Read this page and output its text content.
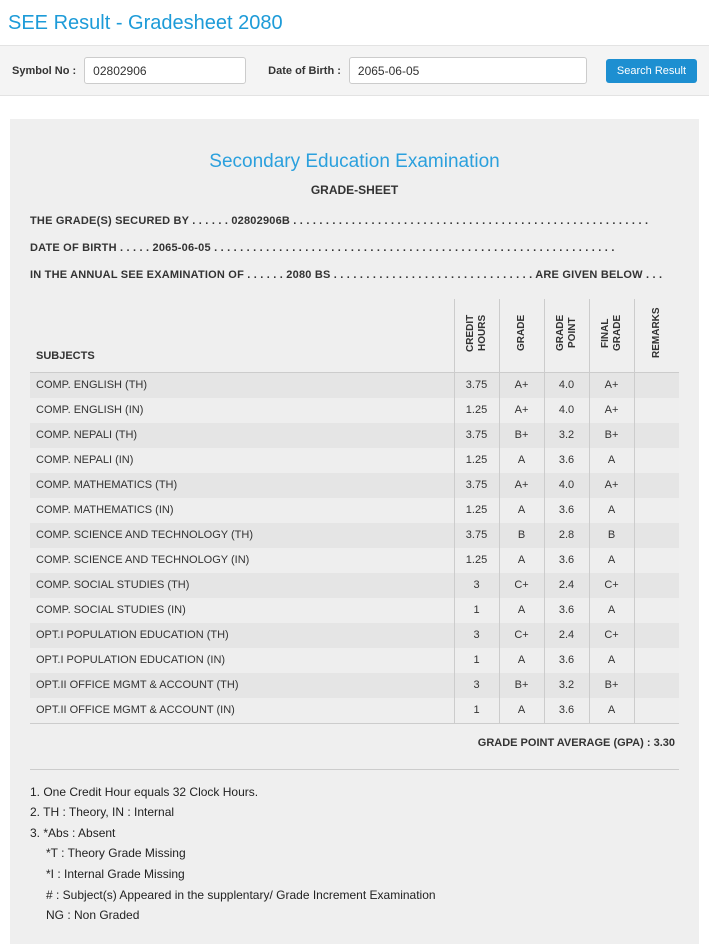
SEE Result - Gradesheet 2080
Symbol No :
02802906	Date of Birth :
2065-06-05	Search Result
Secondary Education Examination
GRADE-SHEET
THE GRADE(S) SECURED BY . . . . . . 02802906B . . . . . . . . . . . . . . . . . . . . . . . . . . . . . . . . . . . . . . . . . . . . . . . . . . . . . . .
DATE OF BIRTH . . . . . 2065-06-05 . . . . . . . . . . . . . . . . . . . . . . . . . . . . . . . . . . . . . . . . . . . . . . . . . . . . . . . . . . . . . .
IN THE ANNUAL SEE EXAMINATION OF . . . . . . 2080 BS . . . . . . . . . . . . . . . . . . . . . . . . . . . . . . . ARE GIVEN BELOW . . .
SUBJECTS	CREDIT HOURS	GRADE	GRADE POINT	FINAL GRADE	REMARKS
COMP. ENGLISH (TH)	3.75	A+	4.0	A+	
COMP. ENGLISH (IN)	1.25	A+	4.0	A+	
COMP. NEPALI (TH)	3.75	B+	3.2	B+	
COMP. NEPALI (IN)	1.25	A	3.6	A	
COMP. MATHEMATICS (TH)	3.75	A+	4.0	A+	
COMP. MATHEMATICS (IN)	1.25	A	3.6	A	
COMP. SCIENCE AND TECHNOLOGY (TH)	3.75	B	2.8	B	
COMP. SCIENCE AND TECHNOLOGY (IN)	1.25	A	3.6	A	
COMP. SOCIAL STUDIES (TH)	3	C+	2.4	C+	
COMP. SOCIAL STUDIES (IN)	1	A	3.6	A	
OPT.I POPULATION EDUCATION (TH)	3	C+	2.4	C+	
OPT.I POPULATION EDUCATION (IN)	1	A	3.6	A	
OPT.II OFFICE MGMT & ACCOUNT (TH)	3	B+	3.2	B+	
OPT.II OFFICE MGMT & ACCOUNT (IN)	1	A	3.6	A	
GRADE POINT AVERAGE (GPA) : 3.30
1. One Credit Hour equals 32 Clock Hours.
2. TH : Theory, IN : Internal
3. *Abs : Absent
*T : Theory Grade Missing
*I : Internal Grade Missing
# : Subject(s) Appeared in the supplentary/ Grade Increment Examination
NG : Non Graded
